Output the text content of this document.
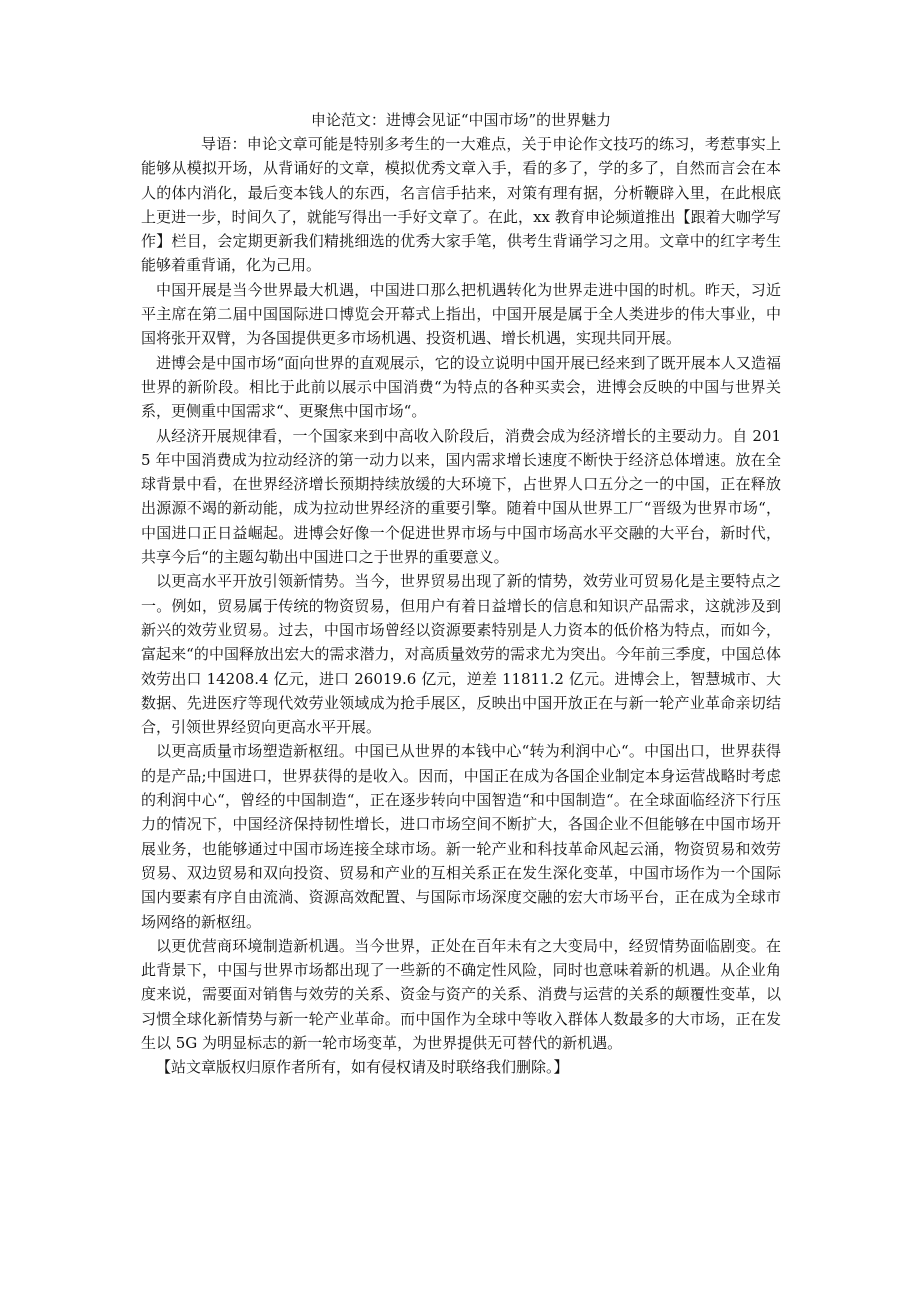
申论范文：进博会见证“中国市场”的世界魅力

导语：申论文章可能是特别多考生的一大难点，关于申论作文技巧的练习，考惹事实上能够从模拟开场，从背诵好的文章，模拟优秀文章入手，看的多了，学的多了，自然而言会在本人的体内消化，最后变本钱人的东西，名言信手拈来，对策有理有据，分析鞭辟入里，在此根底上更进一步，时间久了，就能写得出一手好文章了。在此，xx 教育申论频道推出【跟着大咖学写作】栏目，会定期更新我们精挑细选的优秀大家手笔，供考生背诵学习之用。文章中的红字考生能够着重背诵，化为己用。

中国开展是当今世界最大机遇，中国进口那么把机遇转化为世界走进中国的时机。昨天，习近平主席在第二届中国国际进口博览会开幕式上指出，中国开展是属于全人类进步的伟大事业，中国将张开双臂，为各国提供更多市场机遇、投资机遇、增长机遇，实现共同开展。

进博会是中国市场“面向世界的直观展示，它的设立说明中国开展已经来到了既开展本人又造福世界的新阶段。相比于此前以展示中国消费“为特点的各种买卖会，进博会反映的中国与世界关系，更侧重中国需求“、更聚焦中国市场“。

从经济开展规律看，一个国家来到中高收入阶段后，消费会成为经济增长的主要动力。自 2015 年中国消费成为拉动经济的第一动力以来，国内需求增长速度不断快于经济总体增速。放在全球背景中看，在世界经济增长预期持续放缓的大环境下，占世界人口五分之一的中国，正在释放出源源不竭的新动能，成为拉动世界经济的重要引擎。随着中国从世界工厂“晋级为世界市场“，中国进口正日益崛起。进博会好像一个促进世界市场与中国市场高水平交融的大平台，新时代，共享今后“的主题勾勒出中国进口之于世界的重要意义。

以更高水平开放引领新情势。当今，世界贸易出现了新的情势，效劳业可贸易化是主要特点之一。例如，贸易属于传统的物资贸易，但用户有着日益增长的信息和知识产品需求，这就涉及到新兴的效劳业贸易。过去，中国市场曾经以资源要素特别是人力资本的低价格为特点，而如今，富起来“的中国释放出宏大的需求潜力，对高质量效劳的需求尤为突出。今年前三季度，中国总体效劳出口 14208.4 亿元，进口 26019.6 亿元，逆差 11811.2 亿元。进博会上，智慧城市、大数据、先进医疗等现代效劳业领域成为抢手展区，反映出中国开放正在与新一轮产业革命亲切结合，引领世界经贸向更高水平开展。

以更高质量市场塑造新枢纽。中国已从世界的本钱中心“转为利润中心“。中国出口，世界获得的是产品;中国进口，世界获得的是收入。因而，中国正在成为各国企业制定本身运营战略时考虑的利润中心“，曾经的中国制造“，正在逐步转向中国智造“和中国制造“。在全球面临经济下行压力的情况下，中国经济保持韧性增长，进口市场空间不断扩大，各国企业不但能够在中国市场开展业务，也能够通过中国市场连接全球市场。新一轮产业和科技革命风起云涌，物资贸易和效劳贸易、双边贸易和双向投资、贸易和产业的互相关系正在发生深化变革，中国市场作为一个国际国内要素有序自由流淌、资源高效配置、与国际市场深度交融的宏大市场平台，正在成为全球市场网络的新枢纽。

以更优营商环境制造新机遇。当今世界，正处在百年未有之大变局中，经贸情势面临剧变。在此背景下，中国与世界市场都出现了一些新的不确定性风险，同时也意味着新的机遇。从企业角度来说，需要面对销售与效劳的关系、资金与资产的关系、消费与运营的关系的颠覆性变革，以习惯全球化新情势与新一轮产业革命。而中国作为全球中等收入群体人数最多的大市场，正在发生以 5G 为明显标志的新一轮市场变革，为世界提供无可替代的新机遇。

【站文章版权归原作者所有，如有侵权请及时联络我们删除。】
